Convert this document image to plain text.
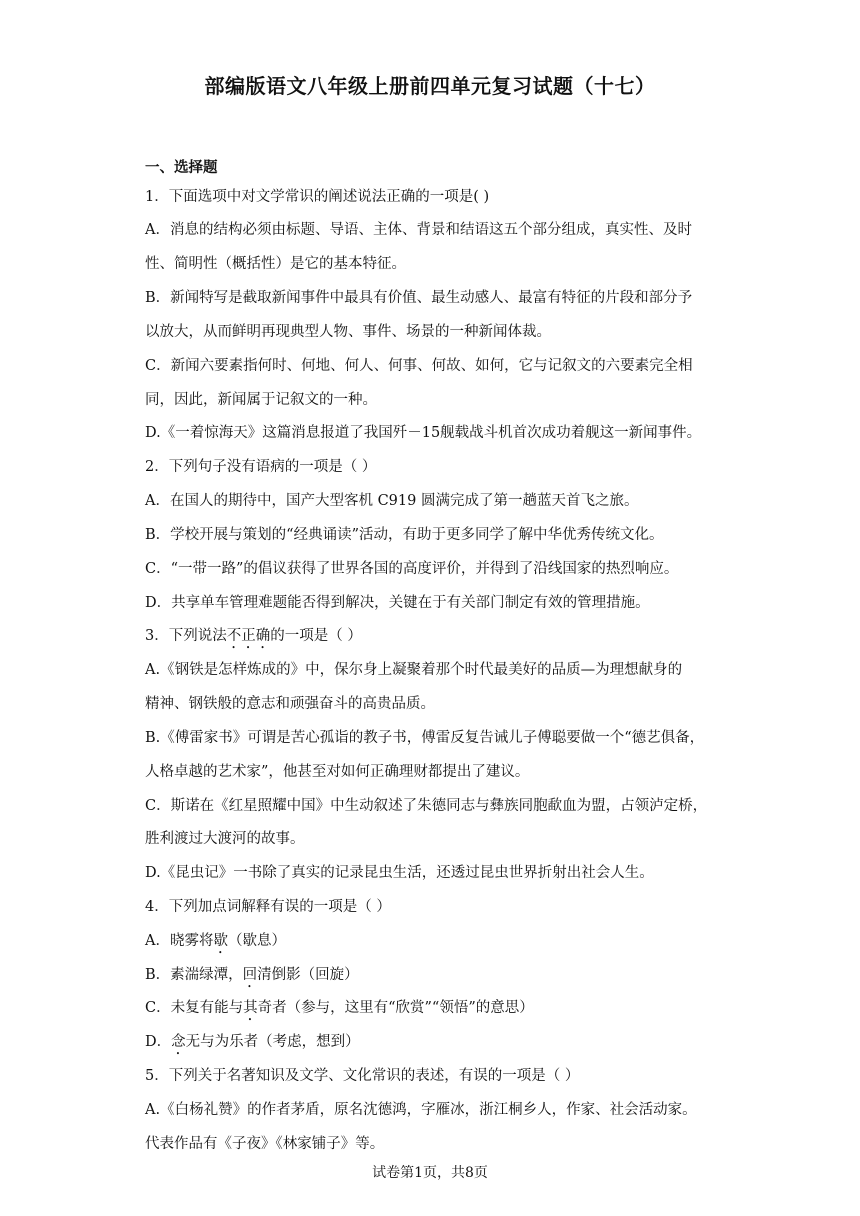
部编版语文八年级上册前四单元复习试题（十七）
一、选择题
1．下面选项中对文学常识的阐述说法正确的一项是( )
A．消息的结构必须由标题、导语、主体、背景和结语这五个部分组成，真实性、及时
性、简明性（概括性）是它的基本特征。
B．新闻特写是截取新闻事件中最具有价值、最生动感人、最富有特征的片段和部分予
以放大，从而鲜明再现典型人物、事件、场景的一种新闻体裁。
C．新闻六要素指何时、何地、何人、何事、何故、如何，它与记叙文的六要素完全相
同，因此，新闻属于记叙文的一种。
D.《一着惊海天》这篇消息报道了我国歼－15舰载战斗机首次成功着舰这一新闻事件。
2．下列句子没有语病的一项是（ ）
A．在国人的期待中，国产大型客机 C919 圆满完成了第一趟蓝天首飞之旅。
B．学校开展与策划的“经典诵读”活动，有助于更多同学了解中华优秀传统文化。
C．“一带一路”的倡议获得了世界各国的高度评价，并得到了沿线国家的热烈响应。
D．共享单车管理难题能否得到解决，关键在于有关部门制定有效的管理措施。
3．下列说法不正确的一项是（ ）
A.《钢铁是怎样炼成的》中，保尔身上凝聚着那个时代最美好的品质—为理想献身的
精神、钢铁般的意志和顽强奋斗的高贵品质。
B.《傅雷家书》可谓是苦心孤诣的教子书，傅雷反复告诫儿子傅聪要做一个“德艺俱备，
人格卓越的艺术家”，他甚至对如何正确理财都提出了建议。
C．斯诺在《红星照耀中国》中生动叙述了朱德同志与彝族同胞歃血为盟，占领泸定桥，
胜利渡过大渡河的故事。
D.《昆虫记》一书除了真实的记录昆虫生活，还透过昆虫世界折射出社会人生。
4．下列加点词解释有误的一项是（ ）
A．晓雾将歇（歇息）
B．素湍绿潭，回清倒影（回旋）
C．未复有能与其奇者（参与，这里有“欣赏”“领悟”的意思）
D．念无与为乐者（考虑，想到）
5．下列关于名著知识及文学、文化常识的表述，有误的一项是（ ）
A.《白杨礼赞》的作者茅盾，原名沈德鸿，字雁冰，浙江桐乡人，作家、社会活动家。
代表作品有《子夜》《林家铺子》等。
试卷第1页，共8页
